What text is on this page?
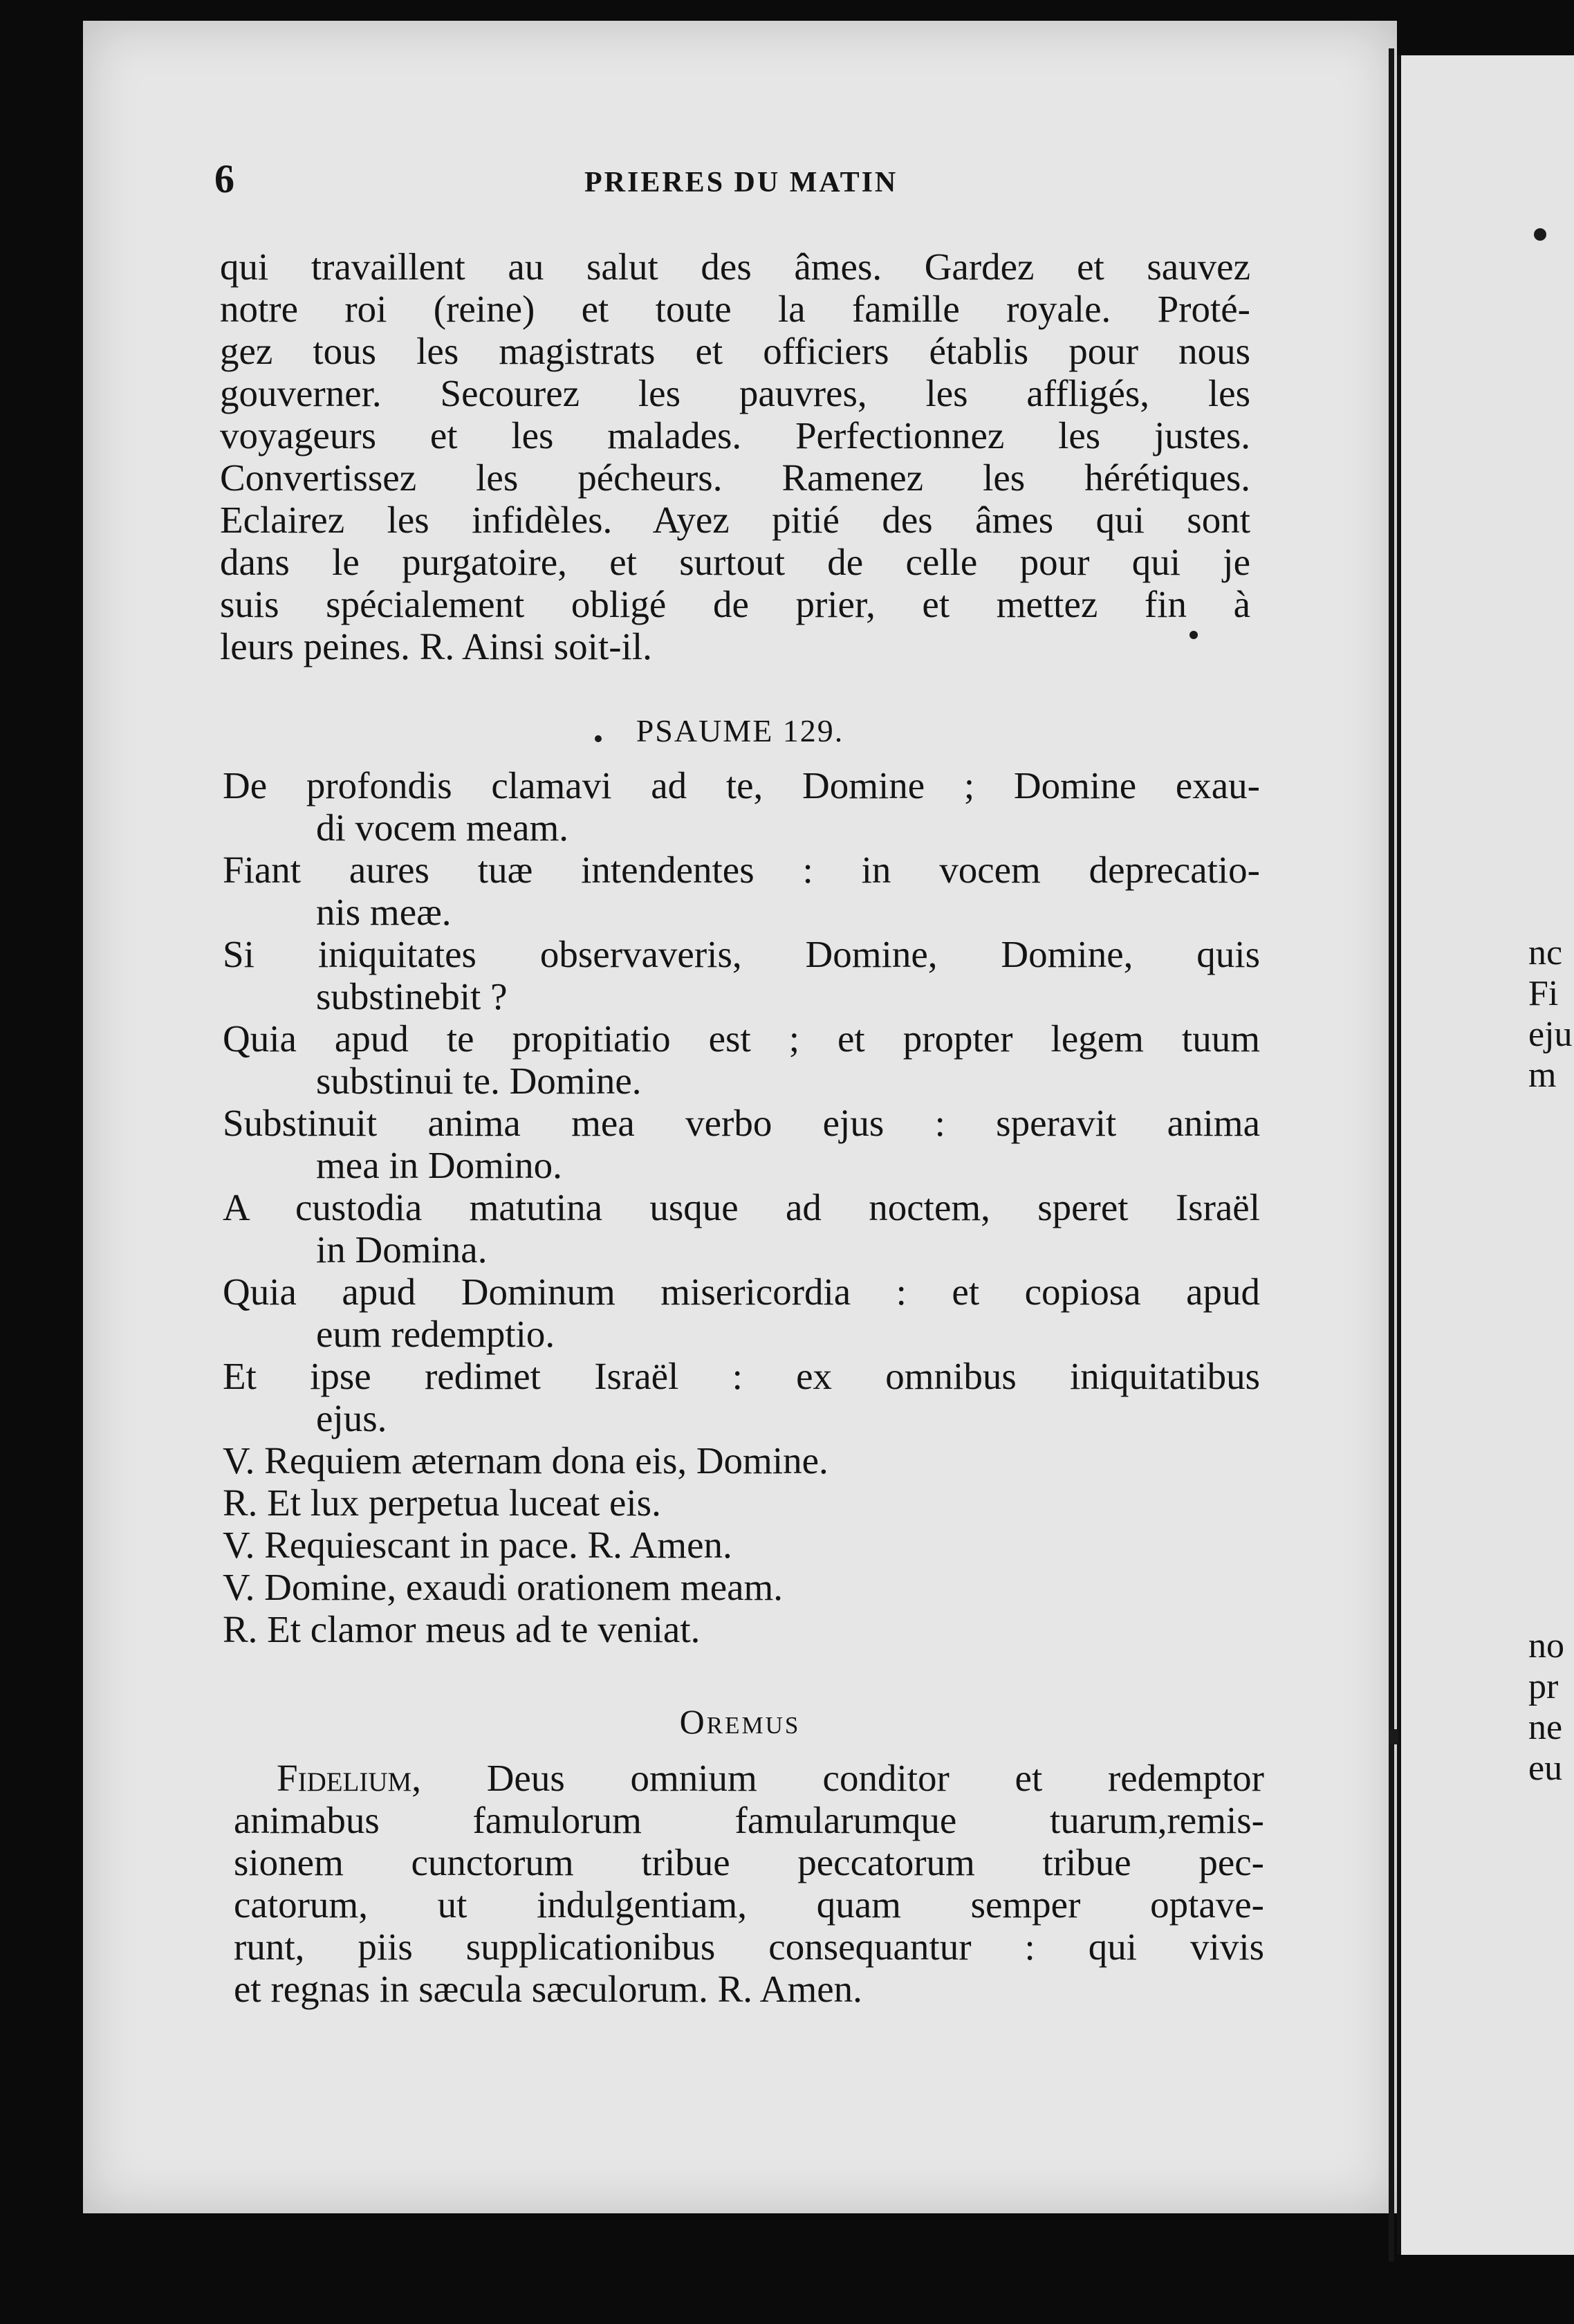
6	PRIERES DU MATIN
qui travaillent au salut des âmes. Gardez et sauvez
notre roi (reine) et toute la famille royale. Proté-
gez tous les magistrats et officiers établis pour nous
gouverner. Secourez les pauvres, les affligés, les
voyageurs et les malades. Perfectionnez les justes.
Convertissez les pécheurs. Ramenez les hérétiques.
Eclairez les infidèles. Ayez pitié des âmes qui sont
dans le purgatoire, et surtout de celle pour qui je
suis spécialement obligé de prier, et mettez fin à
leurs peines. R. Ainsi soit-il.
PSAUME 129.
De profondis clamavi ad te, Domine ; Domine exau-
di vocem meam.
Fiant aures tuæ intendentes : in vocem deprecatio-
nis meæ.
Si iniquitates observaveris, Domine, Domine, quis
substinebit ?
Quia apud te propitiatio est ; et propter legem tuum
substinui te. Domine.
Substinuit anima mea verbo ejus : speravit anima
mea in Domino.
A custodia matutina usque ad noctem, speret Israël
in Domina.
Quia apud Dominum misericordia : et copiosa apud
eum redemptio.
Et ipse redimet Israël : ex omnibus iniquitatibus
ejus.
V. Requiem æternam dona eis, Domine.
R. Et lux perpetua luceat eis.
V. Requiescant in pace. R. Amen.
V. Domine, exaudi orationem meam.
R. Et clamor meus ad te veniat.
Oremus
Fidelium, Deus omnium conditor et redemptor
animabus famulorum famularumque tuarum,remis-
sionem cunctorum tribue peccatorum tribue pec-
catorum, ut indulgentiam, quam semper optave-
runt, piis supplicationibus consequantur : qui vivis
et regnas in sæcula sæculorum. R. Amen.
nc
Fi
eju
m
no
pr
ne
eu
